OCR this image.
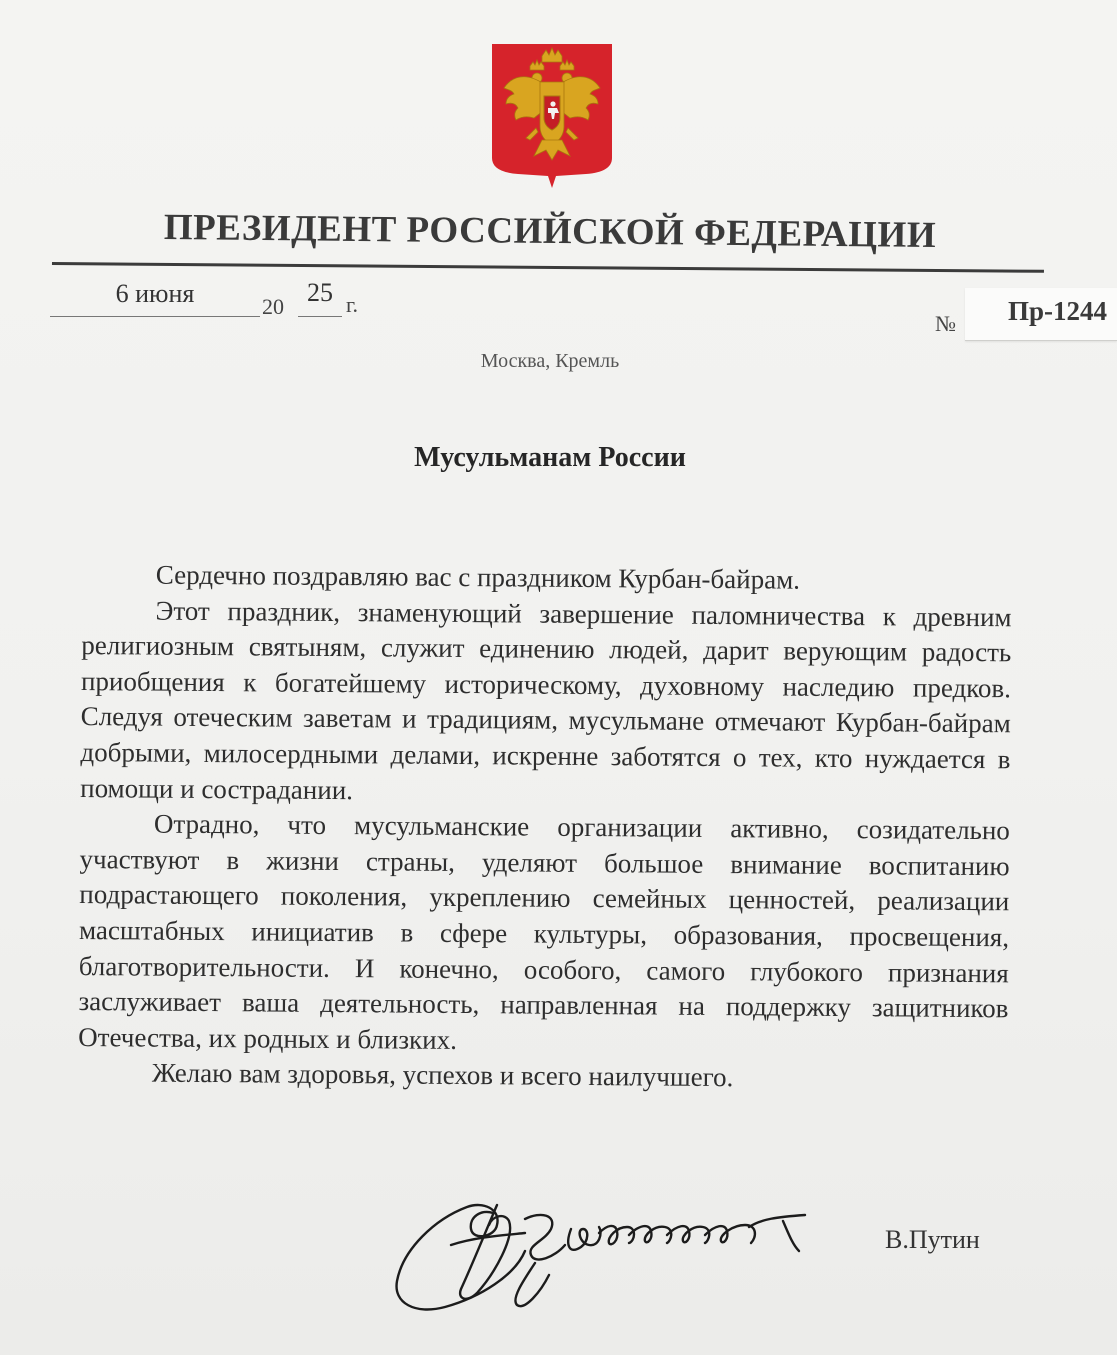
ПРЕЗИДЕНТ РОССИЙСКОЙ ФЕДЕРАЦИИ
6 июня	20 25 г.
№	Пр-1244
Москва, Кремль
Мусульманам России

Сердечно поздравляю вас с праздником Курбан-байрам.

Этот праздник, знаменующий завершение паломничества к древним религиозным святыням, служит единению людей, дарит верующим радость приобщения к богатейшему историческому, духовному наследию предков. Следуя отеческим заветам и традициям, мусульмане отмечают Курбан-байрам добрыми, милосердными делами, искренне заботятся о тех, кто нуждается в помощи и сострадании.

Отрадно, что мусульманские организации активно, созидательно участвуют в жизни страны, уделяют большое внимание воспитанию подрастающего поколения, укреплению семейных ценностей, реализации масштабных инициатив в сфере культуры, образования, просвещения, благотворительности. И конечно, особого, самого глубокого признания заслуживает ваша деятельность, направленная на поддержку защитников Отечества, их родных и близких.

Желаю вам здоровья, успехов и всего наилучшего.

В.Путин
